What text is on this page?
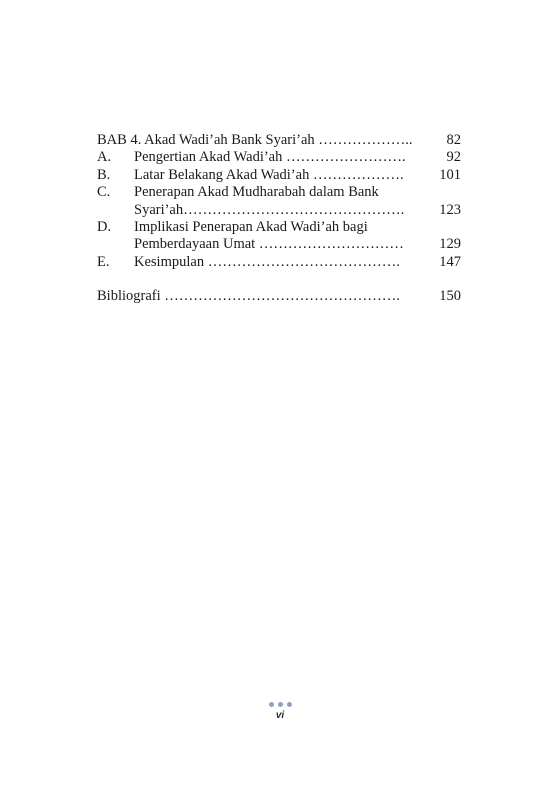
BAB 4. Akad Wadi’ah Bank Syari’ah ………………..	82
A.	Pengertian Akad Wadi’ah …………………….	92
B.	Latar Belakang Akad Wadi’ah ……………….	101
C.	Penerapan Akad Mudharabah dalam Bank
Syari’ah……………………………………….	123
D.	Implikasi Penerapan Akad Wadi’ah bagi
Pemberdayaan Umat …………………………	129
E.	Kesimpulan ………………………………….	147
Bibliografi ………………………………………….	150
vi
